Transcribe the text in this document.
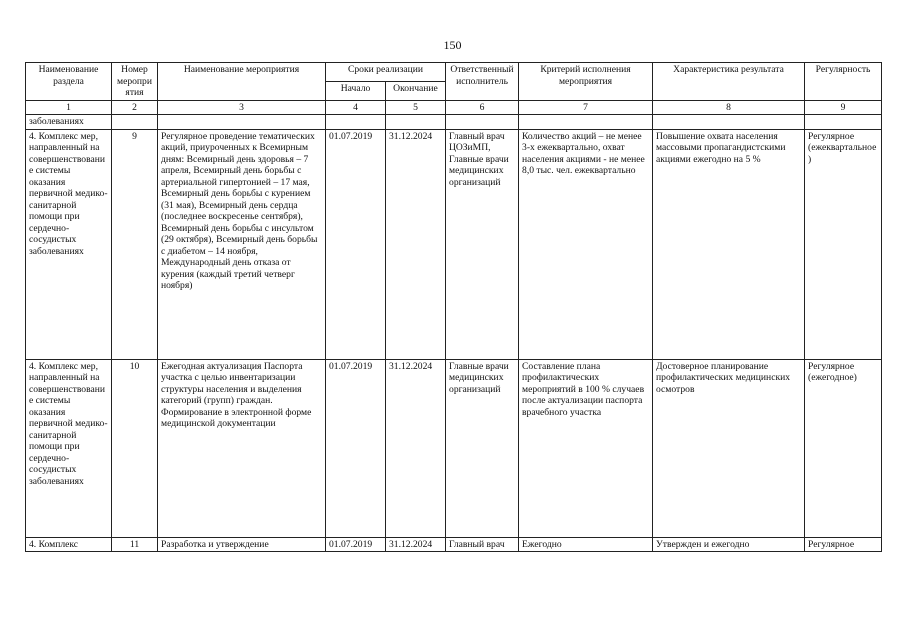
150
Наименование раздела	Номер мероприятия	Наименование мероприятия	Сроки реализации		Ответственный исполнитель	Критерий исполнения мероприятия	Характеристика результата	Регулярность
			Начало	Окончание				
1	2	3	4	5	6	7	8	9
заболеваниях								
4. Комплекс мер, направленный на совершенствование системы оказания первичной медико-санитарной помощи при сердечно-сосудистых заболеваниях	9	Регулярное проведение тематических акций, приуроченных к Всемирным дням: Всемирный день здоровья – 7 апреля, Всемирный день борьбы с артериальной гипертонией – 17 мая, Всемирный день борьбы с курением (31 мая), Всемирный день сердца (последнее воскресенье сентября), Всемирный день борьбы с инсультом (29 октября), Всемирный день борьбы с диабетом – 14 ноября, Международный день отказа от курения (каждый третий четверг ноября)	01.07.2019	31.12.2024	Главный врач ЦОЗиМП, Главные врачи медицинских организаций	Количество акций – не менее 3-х ежеквартально, охват населения акциями - не менее 8,0 тыс. чел. ежеквартально	Повышение охвата населения массовыми пропагандистскими акциями ежегодно на 5 %	Регулярное (ежеквартальное)
4. Комплекс мер, направленный на совершенствование системы оказания первичной медико-санитарной помощи при сердечно-сосудистых заболеваниях	10	Ежегодная актуализация Паспорта участка с целью инвентаризации структуры населения и выделения категорий (групп) граждан. Формирование в электронной форме медицинской документации	01.07.2019	31.12.2024	Главные врачи медицинских организаций	Составление плана профилактических мероприятий в 100 % случаев после актуализации паспорта врачебного участка	Достоверное планирование профилактических медицинских осмотров	Регулярное (ежегодное)
4. Комплекс	11	Разработка и утверждение	01.07.2019	31.12.2024	Главный врач	Ежегодно	Утвержден и ежегодно	Регулярное
